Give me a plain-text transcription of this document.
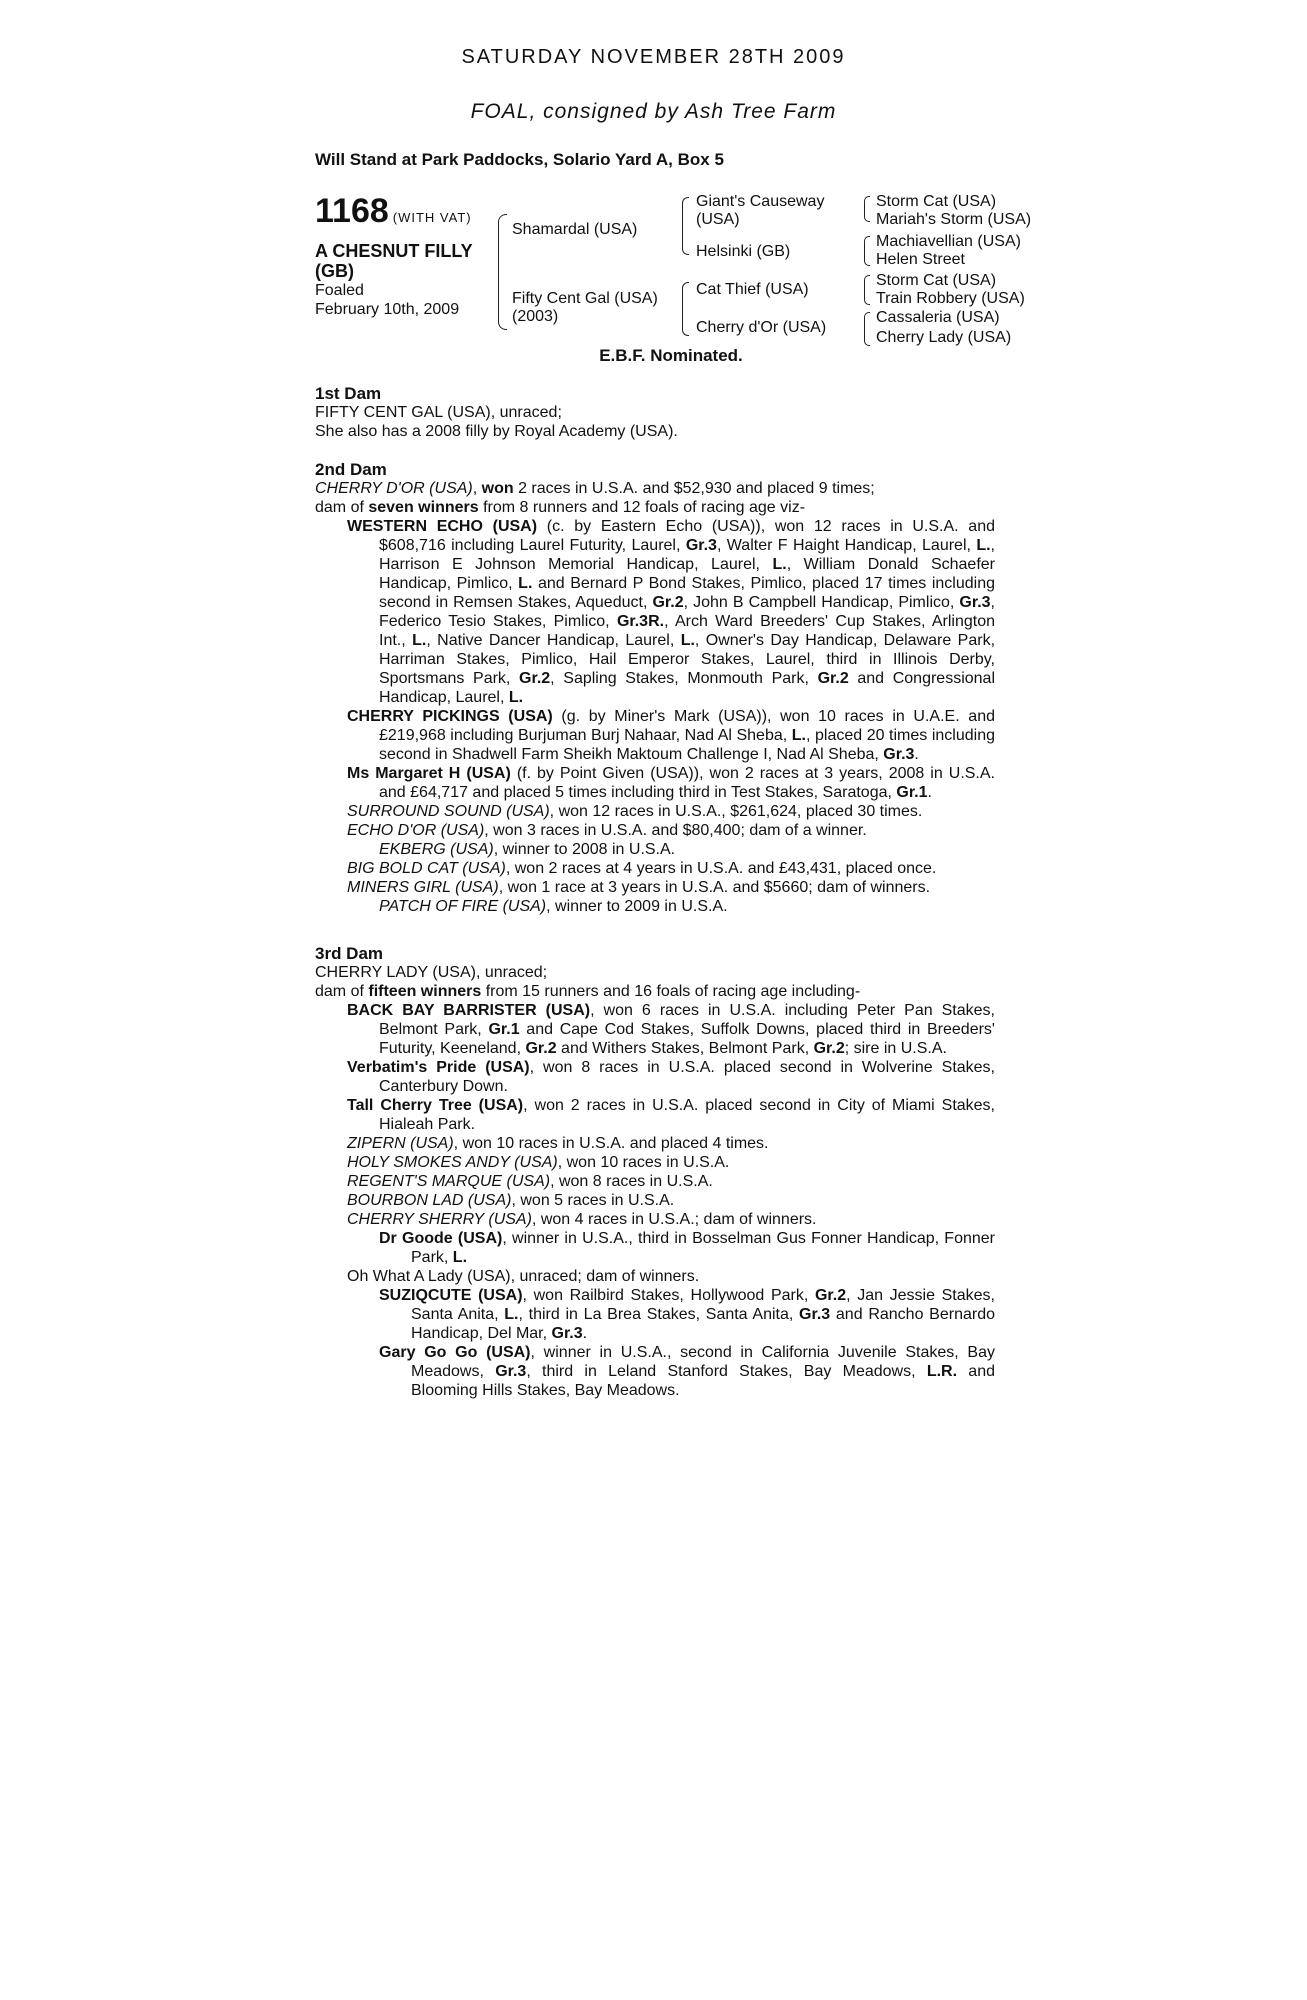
SATURDAY NOVEMBER 28TH 2009
FOAL, consigned by Ash Tree Farm
Will Stand at Park Paddocks, Solario Yard A, Box 5
1168 (WITH VAT)
A CHESNUT FILLY
(GB)
Foaled
February 10th, 2009
Shamardal (USA)
Fifty Cent Gal (USA)
(2003)
Giant's Causeway
(USA)
Helsinki (GB)
Cat Thief (USA)
Cherry d'Or (USA)
Storm Cat (USA)
Mariah's Storm (USA)
Machiavellian (USA)
Helen Street
Storm Cat (USA)
Train Robbery (USA)
Cassaleria (USA)
Cherry Lady (USA)
E.B.F. Nominated.
1st Dam
FIFTY CENT GAL (USA), unraced;
She also has a 2008 filly by Royal Academy (USA).
2nd Dam
CHERRY D'OR (USA), won 2 races in U.S.A. and $52,930 and placed 9 times;
dam of seven winners from 8 runners and 12 foals of racing age viz-
WESTERN ECHO (USA) (c. by Eastern Echo (USA)), won 12 races in U.S.A. and $608,716 including Laurel Futurity, Laurel, Gr.3, Walter F Haight Handicap, Laurel, L., Harrison E Johnson Memorial Handicap, Laurel, L., William Donald Schaefer Handicap, Pimlico, L. and Bernard P Bond Stakes, Pimlico, placed 17 times including second in Remsen Stakes, Aqueduct, Gr.2, John B Campbell Handicap, Pimlico, Gr.3, Federico Tesio Stakes, Pimlico, Gr.3R., Arch Ward Breeders' Cup Stakes, Arlington Int., L., Native Dancer Handicap, Laurel, L., Owner's Day Handicap, Delaware Park, Harriman Stakes, Pimlico, Hail Emperor Stakes, Laurel, third in Illinois Derby, Sportsmans Park, Gr.2, Sapling Stakes, Monmouth Park, Gr.2 and Congressional Handicap, Laurel, L.
CHERRY PICKINGS (USA) (g. by Miner's Mark (USA)), won 10 races in U.A.E. and £219,968 including Burjuman Burj Nahaar, Nad Al Sheba, L., placed 20 times including second in Shadwell Farm Sheikh Maktoum Challenge I, Nad Al Sheba, Gr.3.
Ms Margaret H (USA) (f. by Point Given (USA)), won 2 races at 3 years, 2008 in U.S.A. and £64,717 and placed 5 times including third in Test Stakes, Saratoga, Gr.1.
SURROUND SOUND (USA), won 12 races in U.S.A., $261,624, placed 30 times.
ECHO D'OR (USA), won 3 races in U.S.A. and $80,400; dam of a winner.
EKBERG (USA), winner to 2008 in U.S.A.
BIG BOLD CAT (USA), won 2 races at 4 years in U.S.A. and £43,431, placed once.
MINERS GIRL (USA), won 1 race at 3 years in U.S.A. and $5660; dam of winners.
PATCH OF FIRE (USA), winner to 2009 in U.S.A.
3rd Dam
CHERRY LADY (USA), unraced;
dam of fifteen winners from 15 runners and 16 foals of racing age including-
BACK BAY BARRISTER (USA), won 6 races in U.S.A. including Peter Pan Stakes, Belmont Park, Gr.1 and Cape Cod Stakes, Suffolk Downs, placed third in Breeders' Futurity, Keeneland, Gr.2 and Withers Stakes, Belmont Park, Gr.2; sire in U.S.A.
Verbatim's Pride (USA), won 8 races in U.S.A. placed second in Wolverine Stakes, Canterbury Down.
Tall Cherry Tree (USA), won 2 races in U.S.A. placed second in City of Miami Stakes, Hialeah Park.
ZIPERN (USA), won 10 races in U.S.A. and placed 4 times.
HOLY SMOKES ANDY (USA), won 10 races in U.S.A.
REGENT'S MARQUE (USA), won 8 races in U.S.A.
BOURBON LAD (USA), won 5 races in U.S.A.
CHERRY SHERRY (USA), won 4 races in U.S.A.; dam of winners.
Dr Goode (USA), winner in U.S.A., third in Bosselman Gus Fonner Handicap, Fonner Park, L.
Oh What A Lady (USA), unraced; dam of winners.
SUZIQCUTE (USA), won Railbird Stakes, Hollywood Park, Gr.2, Jan Jessie Stakes, Santa Anita, L., third in La Brea Stakes, Santa Anita, Gr.3 and Rancho Bernardo Handicap, Del Mar, Gr.3.
Gary Go Go (USA), winner in U.S.A., second in California Juvenile Stakes, Bay Meadows, Gr.3, third in Leland Stanford Stakes, Bay Meadows, L.R. and Blooming Hills Stakes, Bay Meadows.
